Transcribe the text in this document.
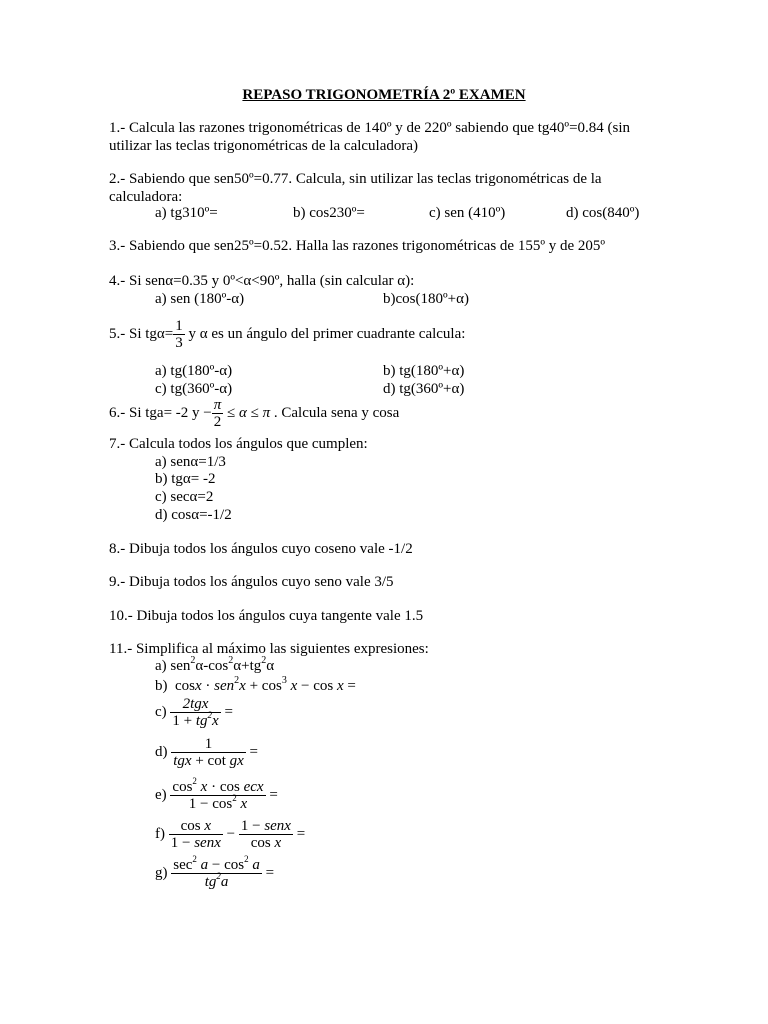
REPASO TRIGONOMETRÍA 2º EXAMEN
1.- Calcula las razones trigonométricas de 140º y de 220º sabiendo que tg40º=0.84 (sin
utilizar las teclas trigonométricas de la calculadora)
2.- Sabiendo que sen50º=0.77. Calcula, sin utilizar las teclas trigonométricas de la
calculadora:
a) tg310º=	b) cos230º=	c) sen (410º)	d) cos(840º)
3.- Sabiendo que sen25º=0.52. Halla las razones trigonométricas de 155º y de 205º
4.- Si senα=0.35 y 0º<α<90º, halla (sin calcular α):
a) sen (180º-α)	b)cos(180º+α)
5.- Si $tg\alpha= \frac{1}{3}$ y α es un ángulo del primer cuadrante calcula:
a) tg(180º-α)	b) tg(180º+α)
c) tg(360º-α)	d) tg(360º+α)
6.- Si tga= -2 $y - \frac{\pi}{2} \le \alpha \le \pi$ . Calcula sena y cosa
7.- Calcula todos los ángulos que cumplen:
a) senα=1/3
b) tgα= -2
c) secα=2
d) cosα=-1/2
8.- Dibuja todos los ángulos cuyo coseno vale -1/2
9.- Dibuja todos los ángulos cuyo seno vale 3/5
10.- Dibuja todos los ángulos cuya tangente vale 1.5
11.- Simplifica al máximo las siguientes expresiones:
a) $sen^2\alpha-\cos^2\alpha+tg^2\alpha$
b) $\cos x \cdot sen^2x + \cos^3 x - \cos x$ =
$c) \frac{\text{2tgx}}{1 + tg^2x}$ =
$d) \frac{1}{\text{tgx + cot gx}}$ =
$e) \frac{\cos^2 x \cdot \cos ecx}{1 - \cos^2 x}$ =
$f) \frac{\text{cos x}}{\text{1 − senx}} - \frac{\text{1 − senx}}{\text{cos x}}$ =
$g) \frac{\sec^2 a - \cos^2 a}{tg^2a}$ =
